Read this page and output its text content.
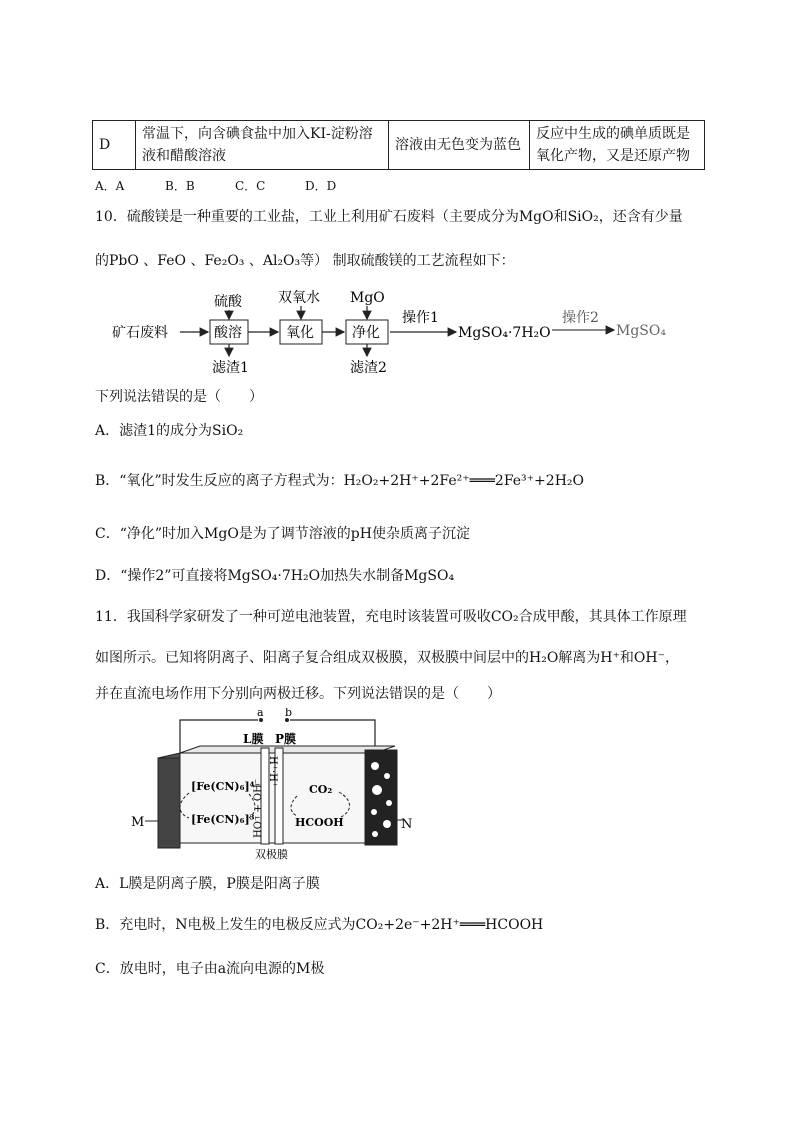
D	常温下，向含碘食盐中加入KI-淀粉溶液和醋酸溶液	溶液由无色变为蓝色	反应中生成的碘单质既是氧化产物，又是还原产物
A．A	B．B	C．C	D．D
10．硫酸镁是一种重要的工业盐，工业上利用矿石废料（主要成分为MgO和SiO₂，还含有少量
的PbO 、FeO 、Fe₂O₃ 、Al₂O₃等） 制取硫酸镁的工艺流程如下：
矿石废料	酸溶
硫酸
滤渣1
氧化
双氧水
净化
MgO
滤渣2
操作1
MgSO₄·7H₂O
操作2
MgSO₄
下列说法错误的是（　　）
A．滤渣1的成分为SiO₂
B．“氧化”时发生反应的离子方程式为：H₂O₂+2H⁺+2Fe²⁺═══2Fe³⁺+2H₂O
C．“净化”时加入MgO是为了调节溶液的pH使杂质离子沉淀
D．“操作2”可直接将MgSO₄·7H₂O加热失水制备MgSO₄
11．我国科学家研发了一种可逆电池装置，充电时该装置可吸收CO₂合成甲酸，其具体工作原理
如图所示。已知将阴离子、阳离子复合组成双极膜，双极膜中间层中的H₂O解离为H⁺和OH⁻，
并在直流电场作用下分别向两极迁移。下列说法错误的是（　　）
a b
M	N
L膜 P膜
H⁺·H⁺
HO⁻ + OH⁻
双极膜
[Fe(CN)₆]⁴⁻
[Fe(CN)₆]³⁻
CO₂
HCOOH
A．L膜是阴离子膜，P膜是阳离子膜
B．充电时，N电极上发生的电极反应式为CO₂+2e⁻+2H⁺═══HCOOH
C．放电时，电子由a流向电源的M极
